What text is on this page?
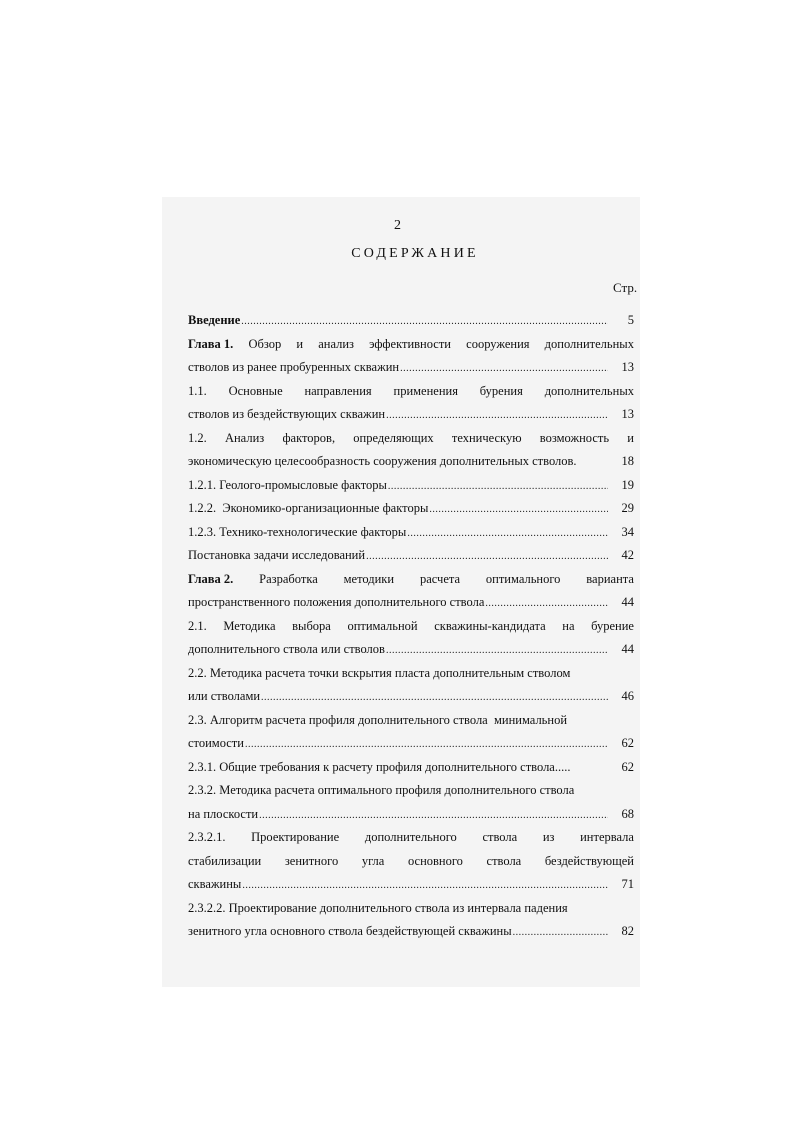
2
СОДЕРЖАНИЕ
Стр.
Введение .....	5
Глава 1. Обзор и анализ эффективности сооружения дополнительных
стволов из ранее пробуренных скважин .....	13
1.1. Основные направления применения бурения дополнительных
стволов из бездействующих скважин .....	13
1.2. Анализ факторов, определяющих техническую возможность и
экономическую целесообразность сооружения дополнительных стволов.	18
1.2.1. Геолого-промысловые факторы .....	19
1.2.2.  Экономико-организационные факторы .....	29
1.2.3. Технико-технологические факторы .....	34
Постановка задачи исследований .....	42
Глава 2. Разработка методики расчета оптимального варианта
пространственного положения дополнительного ствола .....	44
2.1. Методика выбора оптимальной скважины-кандидата на бурение
дополнительного ствола или стволов .....	44
2.2. Методика расчета точки вскрытия пласта дополнительным стволом
или стволами .....	46
2.3. Алгоритм расчета профиля дополнительного ствола  минимальной
стоимости .....	62
2.3.1. Общие требования к расчету профиля дополнительного ствола.....	62
2.3.2. Методика расчета оптимального профиля дополнительного ствола
на плоскости .....	68
2.3.2.1. Проектирование дополнительного ствола из интервала
стабилизации зенитного угла основного ствола бездействующей
скважины .....	71
2.3.2.2. Проектирование дополнительного ствола из интервала падения
зенитного угла основного ствола бездействующей скважины .....	82
